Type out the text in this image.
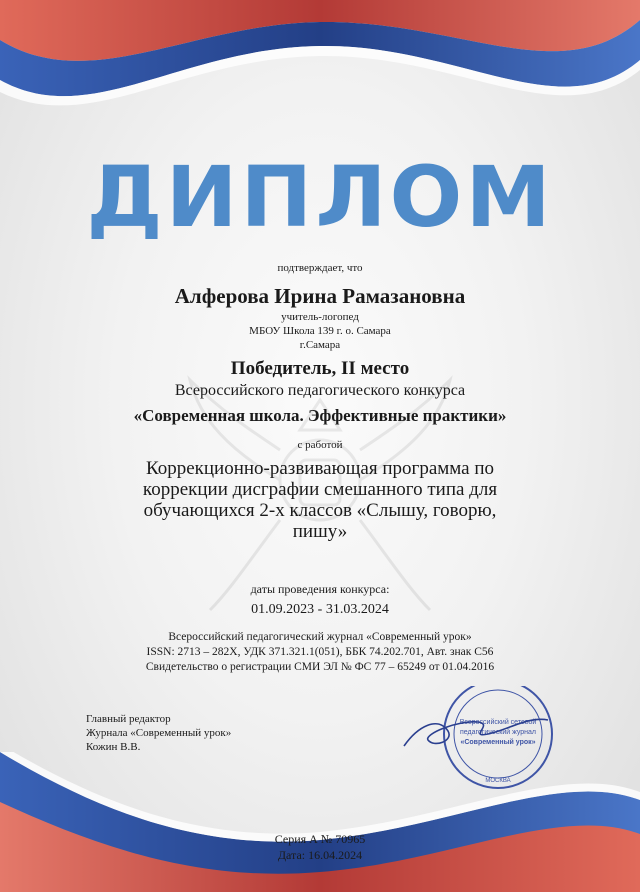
ДИПЛОМ
подтверждает, что
Алферова Ирина Рамазановна
учитель-логопед
МБОУ Школа 139 г. о. Самара
г.Самара
Победитель, II место
Всероссийского педагогического конкурса
«Современная школа. Эффективные практики»
с работой
Коррекционно-развивающая программа по
коррекции дисграфии смешанного типа для
обучающихся 2-х классов «Слышу, говорю,
пишу»
даты проведения конкурса:
01.09.2023 - 31.03.2024
Всероссийский педагогический журнал «Современный урок»
ISSN: 2713 – 282X, УДК 371.321.1(051), ББК 74.202.701, Авт. знак С56
Свидетельство о регистрации СМИ ЭЛ № ФС 77 – 65249 от 01.04.2016
Главный редактор
Журнала «Современный урок»
Кожин В.В.
Всероссийский сетевой
педагогический журнал
«Современный урок»
МОСКВА
Серия А № 70965
Дата: 16.04.2024
